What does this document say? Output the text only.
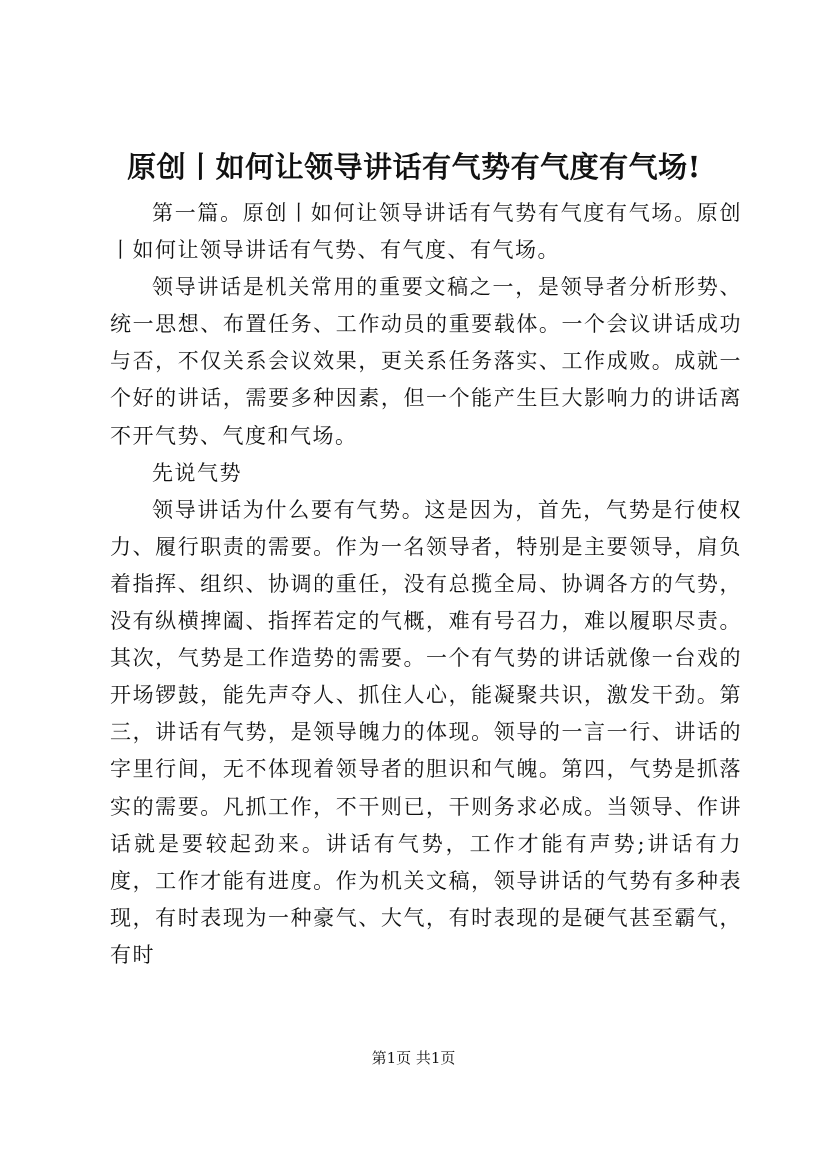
原创丨如何让领导讲话有气势有气度有气场!

第一篇。原创丨如何让领导讲话有气势有气度有气场。原创丨如何让领导讲话有气势、有气度、有气场。

领导讲话是机关常用的重要文稿之一，是领导者分析形势、统一思想、布置任务、工作动员的重要载体。一个会议讲话成功与否，不仅关系会议效果，更关系任务落实、工作成败。成就一个好的讲话，需要多种因素，但一个能产生巨大影响力的讲话离不开气势、气度和气场。

先说气势

领导讲话为什么要有气势。这是因为，首先，气势是行使权力、履行职责的需要。作为一名领导者，特别是主要领导，肩负着指挥、组织、协调的重任，没有总揽全局、协调各方的气势，没有纵横捭阖、指挥若定的气概，难有号召力，难以履职尽责。其次，气势是工作造势的需要。一个有气势的讲话就像一台戏的开场锣鼓，能先声夺人、抓住人心，能凝聚共识，激发干劲。第三，讲话有气势，是领导魄力的体现。领导的一言一行、讲话的字里行间，无不体现着领导者的胆识和气魄。第四，气势是抓落实的需要。凡抓工作，不干则已，干则务求必成。当领导、作讲话就是要较起劲来。讲话有气势，工作才能有声势;讲话有力度，工作才能有进度。作为机关文稿，领导讲话的气势有多种表现，有时表现为一种豪气、大气，有时表现的是硬气甚至霸气，有时

第1页 共1页
